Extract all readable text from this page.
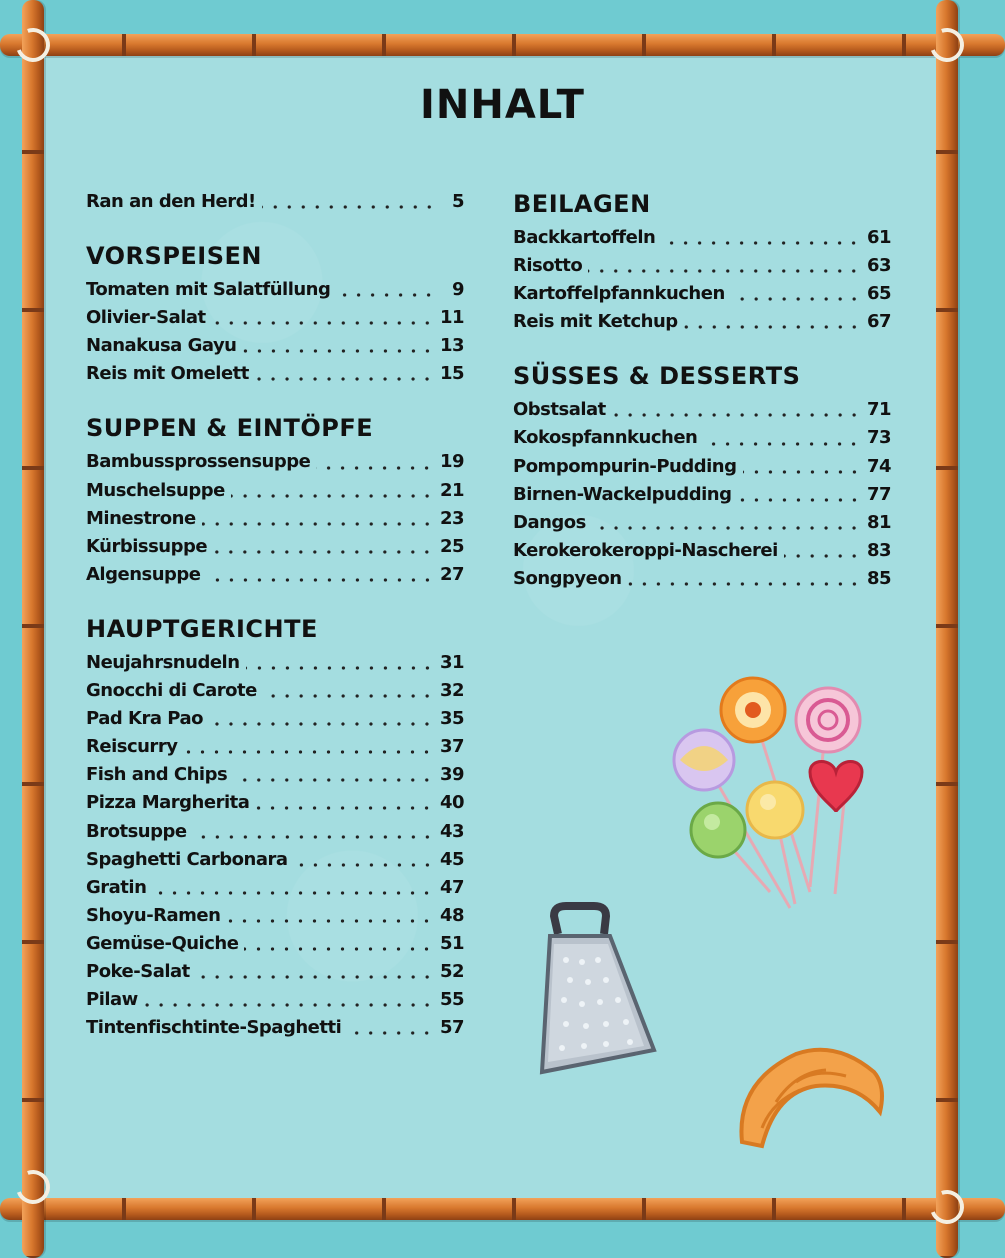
INHALT
Ran an den Herd!	5
VORSPEISEN
Tomaten mit Salatfüllung	9
Olivier-Salat	11
Nanakusa Gayu	13
Reis mit Omelett	15
SUPPEN & EINTÖPFE
Bambussprossensuppe	19
Muschelsuppe	21
Minestrone	23
Kürbissuppe	25
Algensuppe	27
HAUPTGERICHTE
Neujahrsnudeln	31
Gnocchi di Carote	32
Pad Kra Pao	35
Reiscurry	37
Fish and Chips	39
Pizza Margherita	40
Brotsuppe	43
Spaghetti Carbonara	45
Gratin	47
Shoyu-Ramen	48
Gemüse-Quiche	51
Poke-Salat	52
Pilaw	55
Tintenfischtinte-Spaghetti	57
BEILAGEN
Backkartoffeln	61
Risotto	63
Kartoffelpfannkuchen	65
Reis mit Ketchup	67
SÜSSES & DESSERTS
Obstsalat	71
Kokospfannkuchen	73
Pompompurin-Pudding	74
Birnen-Wackelpudding	77
Dangos	81
Kerokerokeroppi-Nascherei	83
Songpyeon	85
